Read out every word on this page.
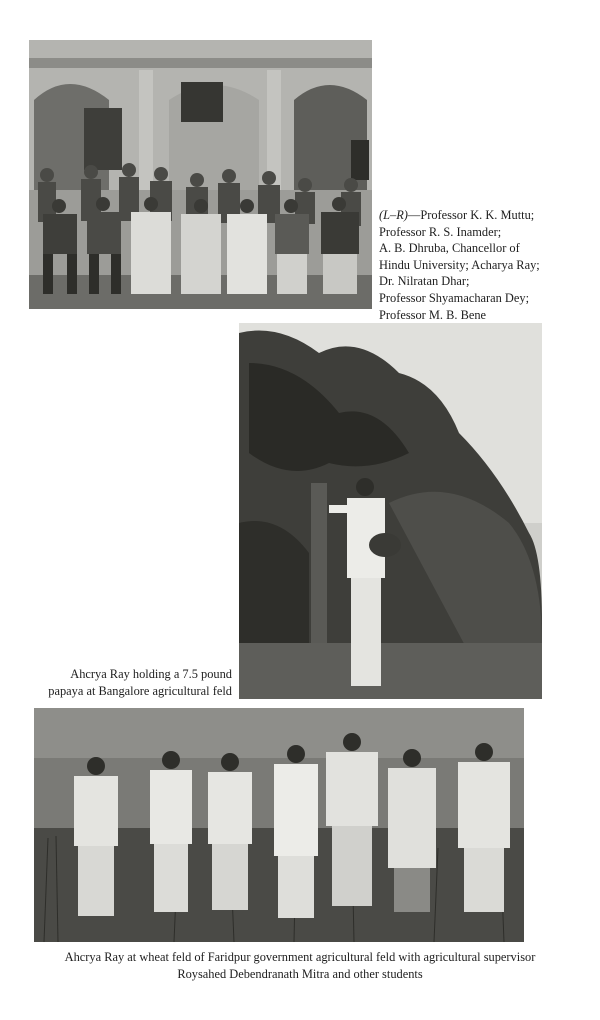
(L–R)—Professor K. K. Muttu;
Professor R. S. Inamder;
A. B. Dhruba, Chancellor of
Hindu University; Acharya Ray;
Dr. Nilratan Dhar;
Professor Shyamacharan Dey;
Professor M. B. Bene
Ahcrya Ray holding a 7.5 pound
papaya at Bangalore agricultural feld
Ahcrya Ray at wheat feld of Faridpur government agricultural feld with agricultural supervisor
Roysahed Debendranath Mitra and other students
